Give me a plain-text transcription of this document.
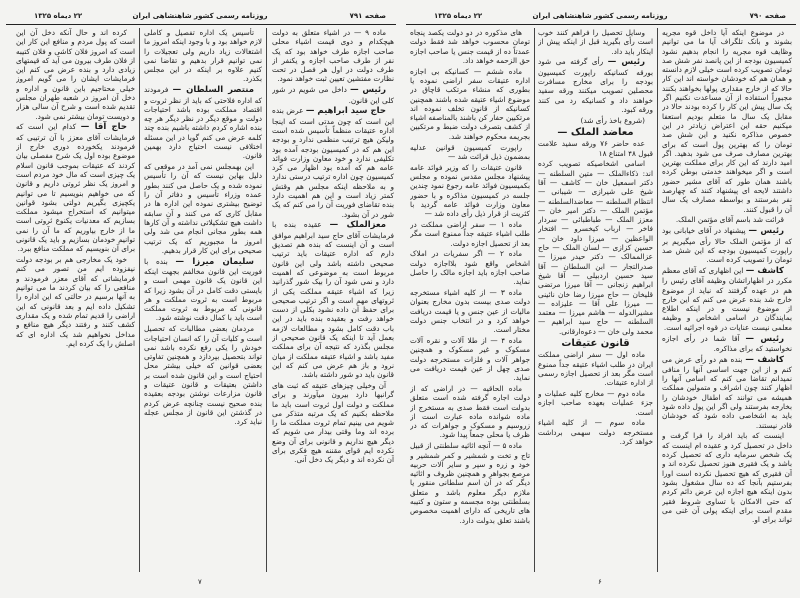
صفحه ۷۹۱
روزنامه رسمی کشور شاهنشاهی ایران
۲۲ دیماه ۱۳۲۵

ماده ۹ — در اشیاء متعلق به دولت هیچکدام و دوی قیمت اشیاء محلی صاحب اجازه طرف خواهد بود که یک نفر از طرف صاحب اجازه و یکنفر از طرف دولت در اول هر فصل در تحت نظارت مفتشین تعیین ثبت خواهد نمود.

رئیس — داخل می شویم در شور کلی این قانون.

حاج سید ابراهیم — عرض بنده این است که چون مدتی است که اینجا اداره عتیقات منظماً تأسیس شده است ولیکن هیچ ترتیب منظمی ندارد و بودجه این هم که در کمیسیون بودجه آمده بود تکلیفی ندارد و خود معاون وزارت فوائد عامه هم که آمده بود اظهار می کرد کمیسیون چون اداره ترتیب درستی ندارد و به ملاحظه اینکه مجلس هم وقتش کمتر زیاد است و این هم اهمیت دارد بنده تقاضای فوریت آن را می کنم که یک شور در آن بشود.

معزالملک — عقیده بنده با فرمایشات آقای حاج سید ابراهیم موافق است و آن اینست که بنده هم تصدیق دارم که اداره عتیقات باید ترتیب صحیحی داشته باشد ولی این قانون مربوط است به موضوعی که اهمیت دارد و نمی شود آن را بیک شور گذرانید زیرا که اشیاء عتیقه مملکت یکی از ثروتهای مهم است و اگر ترتیب صحیحی برای حفظ آن داده نشود بکلی از دست خواهد رفت و بعقیده بنده باید در این باب دقت کامل بشود و مطالعات لازمه بعمل آید تا اینکه یک قانون صحیحی از مجلس بگذرد که نتیجه آن برای مملکت مفید باشد و اشیاء عتیقه مملکت از میان نرود و باز هم عرض می کنم که این قانون باید دو شور داشته باشد.

آن وخیلی چیزهای عتیقه که ثبت های گرانبها دارد بیرون میآورند و برای مملکت و دولت اول ثروت است باید ما ملاحظه بکنیم که یک مرتبه متذکر می شویم می بینیم تمام ثروت مملکت ما را برده اند وما وقتی بیدار می شویم که دیگر هیچ نداریم و قانونی برای آن وضع نکرده ایم قوای مقننه هیچ فکری برای آن نکرده اند و دیگر یک دخل آنی.

تأسیس یک اداره تفصیل و کاملی لازم خواهد بود و با وجود اینکه امروز ما اشتغالات زیاد داریم ولی تعجیلات را نمی توانیم قرار بدهیم و تقاضا نمی کنیم علاوه بر اینکه در این مجلس بکذرد.

منتصر السلطان — فرمودند که اداره فلاحتی که باید از نظر ثروت و اقتصاد مملکت بوده باشد احتیاجات دولت و موقع دیگر در نظر دیگر هر چه بنده اشاره کردم داشته باشیم بنده چند کلمه عرض می کنم گویا در این مسئله اختلافی نیست احتیاج دارد بهمین قانون.

این بهمجلس نمی آمد در موقعی که دلیل بهاین نیست که آن را تأسیس نموده شده و یک حاصل می کنند بطور عمده وزراء تأسیس و دفاتر آن را توضیح بیشتری نموده این اداره ها در مقابل کاری که می کنند و آن سابقه داشت هیچ تشکیلاتی نداشته و آن کارها همه بطور مجانی انجام می شد ولی امروز ما مجبوریم که یک ترتیب صحیحی برای این کار قرار بدهیم.

سلیمان میرزا — بنده با فوریت این قانون مخالفم بجهت اینکه این قانون یک قانون مهمی است و بایستی دقت کامل در آن بشود زیرا که مربوط است به ثروت مملکت و هر قانونی که مربوط به ثروت مملکت است باید با کمال دقت نوشته شود.

مردمان بعضی مطالبات که تحصیل است و کلیات آن را که انسان احتیاجات خودش را یکی رفع نکرده باشد نمی تواند بتحصیل بپردازد و همچنین تفاوتی بعضی قوانین که خیلی بیشتر محل احتیاج است و این قانون شده است بر داشتن بعتیقات و قانون عتیقات و قانون مزارعات نوشتن بودجه بعقیده بنده صحیح نیست چنانچه عرض کردم در گذشتن این قانون از مجلس عجله نباید کرد.

کرده اند و حال آنکه دخل آن این است که پول مردم و منافع این کار این است که امروز فلان کاشی و فلان کتیبه از فلان طرف بیرون می آید که قیمتهای زیادی دارد و بنده عرض می کنم این فرمایشات ایشان را می گویم امروز خیلی محتاجیم باین قانون و اداره و دخل آن امروز در شعبه طهران مجلس تقدیم شده است و شرح آن سالی هزار و دویست تومان بیشتر نمی شود.

حاج آقا — کدام این است که فرمایشات آقای معزز با آن ترتیبی که فرمودند یکخورده دوری خارج از موضوع بوده اول یک شرح مفصلی بیان کردند که عتیقات بموجب قانون اسلام یک چیزی است که مال خود مردم است و امروز یک نظر ثروتی داریم و قانون که می خواهیم بنویسیم تا می توانیم یکچیزی بگیریم دولتی بشود قوانین میتوانیم که استخراج میشود مملکت بسازیم که معدنیات یکنوع ثروتی است ما از خارج بیاوریم که ما آن را نمی توانیم خودمان بسازیم و باید یک قانونی برای آن بنویسیم که مملکت منافع ببرد.

خود یک مخارجی هم بر بودجه دولت نیفزوده ایم من تصور می کنم فرمایشاتی که آقای معزر فرمودند و منافعی را که بیان کردند ما می توانیم به آنها برسیم در حالتی که این اداره را تشکیل داده ایم و بعد قانونی که این اراضی را قدیم تمام شده و یک مقداری کشف کنند و رفتند دیگر هیچ منافع و مداخل نخواهیم شد یک اداره ای که اصلش را یک کرده ایم.

۷
صفحه ۷۹۰
روزنامه رسمی کشور شاهنشاهی ایران
۲۲ دیماه ۱۳۲۵

در موضوع اینکه آیا داخل قوه مجریه بشوند و بانک تلگراف آیا ما می توانیم وظایف قوه مجریه را انجام بدهیم نشود کمیسیون بودجه از این پانصد نفر شش صد تومان تصویب کرده است خیلی لازم دانسته و همان هم که خودشان خواسته اند این کار حالا که از خارج مقداری پولها بخواهند بکنند مجبوراً استفاده از آن مساعدت نکنیم اگر یک سال پیش این کار را کرده بودند حالا در مقابل یک سال ما متعلم بودیم استعفا میکنیم حقه این اعتراض زیادتر در این خصوص مذاکره نکنید و این شش صد تومان را که بهترین پول است که برای بهترین مصارف صرف می شود بدهید. اگر امید دارند که این کار برای مملکت بهترین است و اگر میخواهند خدمتی بوطن کرده باشند همان طور که آقای مشیر حضور داشتند لایحه ای پیشنهاد کنند که چهارصد نفر بفرستند و بواسطه مصارف یک سال آن را قبول کنند.

قرائت شد باسم آقای مؤتمن الملک.

رئیس — پیشنهاد در آقای خیابانی بود که از مؤتمن الملک حالا رأی میگیریم بر راپورت کمیسیون بودجه که این شش صد تومان را تصویب کرده است.

کاشف — این اظهاری که آقای معظم مکرر در اظهاراتشان وظیفه آقای رئیس را هم در عهده گرفتند که نباید از موضوع خارج شد بنده عرض می کنم که این خارج از موضوع نیست و در اینکه اطلاع بمایندگان در اسامی اشخاص و وظیفه معلمی نیست عنایات در قوه اجرائیه است.

رئیس — آقا شما در رأی اجازه نخواستید که برای مذاکره.

کاشف — بنده هم دو رأی عرض می کنم و از این جهت اساسی آنها را منافی نمیدانم تقاضا می کنم که اسامی آنها را اظهار کنند چون اشراف و متمولین مملکت همیشه می توانند که اطفال خودشان را بخارجه بفرستند ولی اگر این پول داده شود باید به اشخاصی داده شود که خودشان قادر نیستند.

اینست که باید افراد را فرا گرفت و داخل در تحصیل کرد و عقیده ام اینست که یک شخص سرمایه داری که تحصیل کرده باشد و یک فقیری هنوز تحصیل نکرده اند و آن فقیری که هیچ تحصیل نکرده است اورا بفرستیم بآنجا که ده سال مشغول بشود بدون اینکه هیچ اجازه این عرض دائم کردم که حتی الامکان با تساوی شروط فقیر مقدم است برای اینکه پولی آن غنی می تواند برای او.

وسایل تحصیل را فراهم کنند خوب است رأی بگیرید قبل از اینکه پیش از اینکار باید داد.

رئیس — رأی گرفته می شود بورقه کسانیکه راپورت کمیسیون بودجه را برای مخارج مسافرت محصلین تصویب میکنند ورقه سفید خواهند داد و کسانیکه رد می کنند ورقه کبود.

(شروع باخذ رأی شد)

معاضد الملک —

عده حاضر ۷۶ ورقه سفید علامت قبول ۴۸ امتناع ۱۸

اسامی اشخاصیکه تصویب کرده اند: ذکاءالملک — متین السلطنه — دکتر اسمعیل خان — کاشف — آقا شیخ علی شیرازی — شیبانی — انتظام السلطنه — معاضدالسلطنه — مؤتمن الملک — دکتر امیر خان — معزز الملک — طباطبائی — سردار فاخر — ارباب کیخسرو — افتخار الواعظین — میرزا داود خان — حسین کزازی — لسان الملک — حاج عزالممالک — دکتر حیدر میرزا — صدرالتجار — ابن السلطان — آقا سید حسین اردبیلی — آقا شیخ ابراهیم زنجانی — آقا میرزا مرتضی قلیخان — حاج میرزا رضا خان نائینی — میرزا علی آقا — علیزاده — مشیرالدوله — هاشم میرزا — معتمد السلطنه — حاج سید ابراهیم — محمد ولی خان — دعوه‌ارقانی.

قانون عتیقات

ماده اول — سفر اراضی مملکت ایران در طلب اشیاء عتیقه جداً ممنوع است مگر بعد از تحصیل اجازه رسمی از اداره عتیقات.

ماده دوم — مخارج کلیه عملیات و جزء عملیات بعهده صاحب اجازه است.

ماده سوم — از کلیه اشیاء مستخرجه دولت سهمی برداشت خواهد کرد.

های مذکوره در دو دولت یکصد پنجاه تومان محسوب خواهد شد فقط دولت عمدتاً ده از قیمت جنس یا صاحب اجازه حق الزحمه خواهد داد.

ماده ششم — کسانیکه بی اجازه اداره عتیقات سفر اراضی نموده یا بطوری که منشاء مرتکب قاچاق در موضوع اشیاء عتیقه شده باشند همچنین کسانیکه از قانون تخلف نموده اند مرتکبین حفار کن باشند بالمناصفه اشیاء از کشف بتصرف دولت ضبط و مرتکبین بجریمه محکوم خواهند شد.

راپورت کمیسیون قوانین عدلیه بمضمون ذیل قرائت شد —

قانون عتیقات را که وزیر فوائد عامه پیشنهاد مجلس مقدس نموده و مجلس بکمیسیون فوائد عامه رجوع نمود چندین جلسه در کمیسیون مذاکره و با حضور معاون وزارت فوائد عامه گردید با کثریت از قرار ذیل رأی داده شد —

ماده ۱ — سفر اراضی مملکت در طلب اشیاء عتیقه جداً ممنوع است مگر بعد از تحصیل اجازه دولت.

ماده ۲ — اگر سفریات در املاک اشخاص واقع شود بلااجازه دولت صاحب اجازه باید اجازه مالک را حاصل نماید.

ماده ۳ — از کلیه اشیاء مستخرجه دولت صدی بیست بدون مخارج بعنوان مالیات از عین جنس و یا قیمت دریافت خواهد کرد و در انتخاب جنس دولت مختار است.

ماده ۴ — از طلا آلات و نقره آلات مسکوک و غیر مسکوک و همچنین جواهر آلات و فلزات مستخرجه دولت صدی چهل از عین قیمت دریافت می نماید.

ماده الحاقیه — در اراضی که از دولت اجاره گرفته شده است متعلق بدولت است فقط صدی به مستخرج از ماده شوانده ماده عبارت است از زروسیم و مسکوک و جواهرات که در ظرف یا محلی جمعاً پیدا شود.

ماده ۵ — آنچه اثاثیه سلطنتی از قبیل تاج و تخت و شمشیر و کمر شمشیر و خود و زره و سپر و سایر آلات حربیه مرصع بجواهر و همچنین ظروف و اثاثیه دیگر که در آن اسم سلطانی منقور یا ملازم دیگر معلوم باشد و متعلق بسلطنتی بوده مجسمه و ستون و کتیبه های تاریخی که دارای اهمیت مخصوص باشند تعلق بدولت دارد.

۶
